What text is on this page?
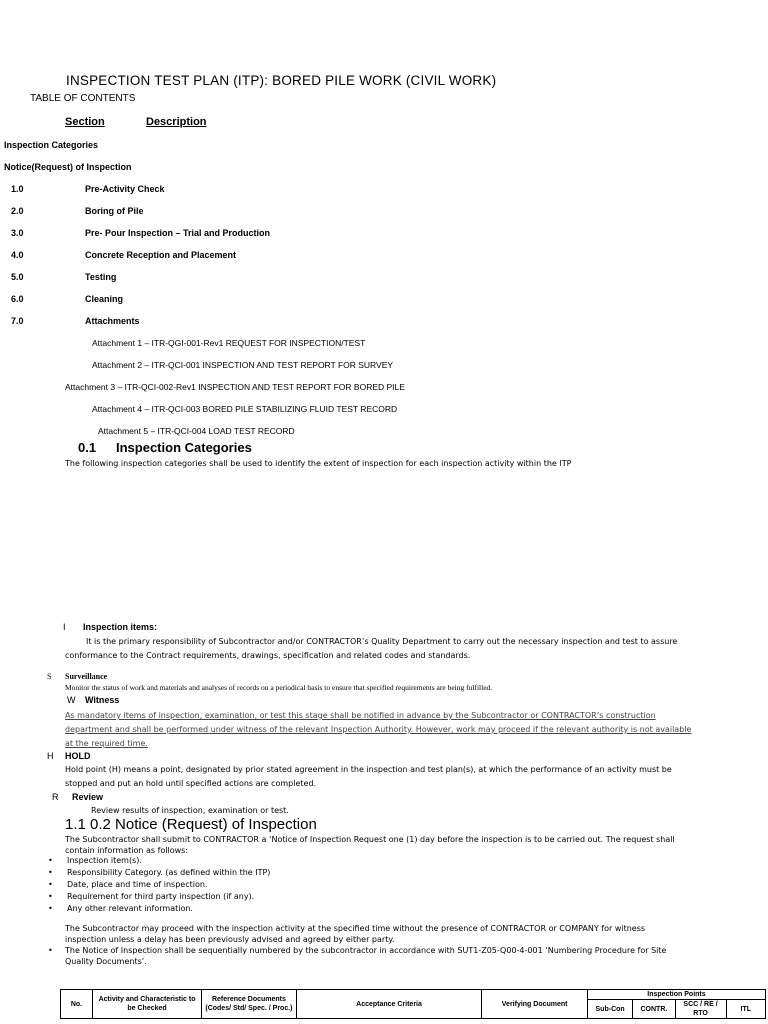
INSPECTION TEST PLAN (ITP): BORED PILE WORK (CIVIL WORK)
TABLE OF CONTENTS
Section	Description
Inspection Categories
Notice(Request) of Inspection
1.0	Pre-Activity Check
2.0	Boring of Pile
3.0	Pre- Pour Inspection – Trial and Production
4.0	Concrete Reception and Placement
5.0	Testing
6.0	Cleaning
7.0	Attachments
Attachment 1 – ITR-QGI-001-Rev1 REQUEST FOR INSPECTION/TEST
Attachment 2 – ITR-QCI-001 INSPECTION AND TEST REPORT FOR SURVEY
Attachment 3 – ITR-QCI-002-Rev1 INSPECTION AND TEST REPORT FOR BORED PILE
Attachment 4 – ITR-QCI-003 BORED PILE STABILIZING FLUID TEST RECORD
Attachment 5 – ITR-QCI-004 LOAD TEST RECORD
0.1 Inspection Categories
The following inspection categories shall be used to identify the extent of inspection for each inspection activity within the ITP
I Inspection items:
It is the primary responsibility of Subcontractor and/or CONTRACTOR’s Quality Department to carry out the necessary inspection and test to assure
conformance to the Contract requirements, drawings, specification and related codes and standards.
S Surveillance
Monitor the status of work and materials and analyses of records on a periodical basis to ensure that specified requirements are being fulfilled.
W Witness
As mandatory items of inspection, examination, or test this stage shall be notified in advance by the Subcontractor or CONTRACTOR’s construction
department and shall be performed under witness of the relevant Inspection Authority. However, work may proceed if the relevant authority is not available
at the required time.
H HOLD
Hold point (H) means a point, designated by prior stated agreement in the inspection and test plan(s), at which the performance of an activity must be
stopped and put an hold until specified actions are completed.
R Review
Review results of inspection, examination or test.
1.1 0.2 Notice (Request) of Inspection
The Subcontractor shall submit to CONTRACTOR a ‘Notice of Inspection Request one (1) day before the inspection is to be carried out. The request shall
contain information as follows:
• Inspection item(s).
• Responsibility Category. (as defined within the ITP)
• Date, place and time of inspection.
• Requirement for third party inspection (if any).
• Any other relevant information.
The Subcontractor may proceed with the inspection activity at the specified time without the presence of CONTRACTOR or COMPANY for witness
inspection unless a delay has been previously advised and agreed by either party.
• The Notice of Inspection shall be sequentially numbered by the subcontractor in accordance with SUT1-Z05-Q00-4-001 ‘Numbering Procedure for Site
Quality Documents’.
No.	Activity and Characteristic to be Checked	Reference Documents (Codes/ Std/ Spec. / Proc.)	Acceptance Criteria	Verifying Document	Inspection Points			
					Sub-Con	CONTR.	SCC / RE / RTO	ITL
